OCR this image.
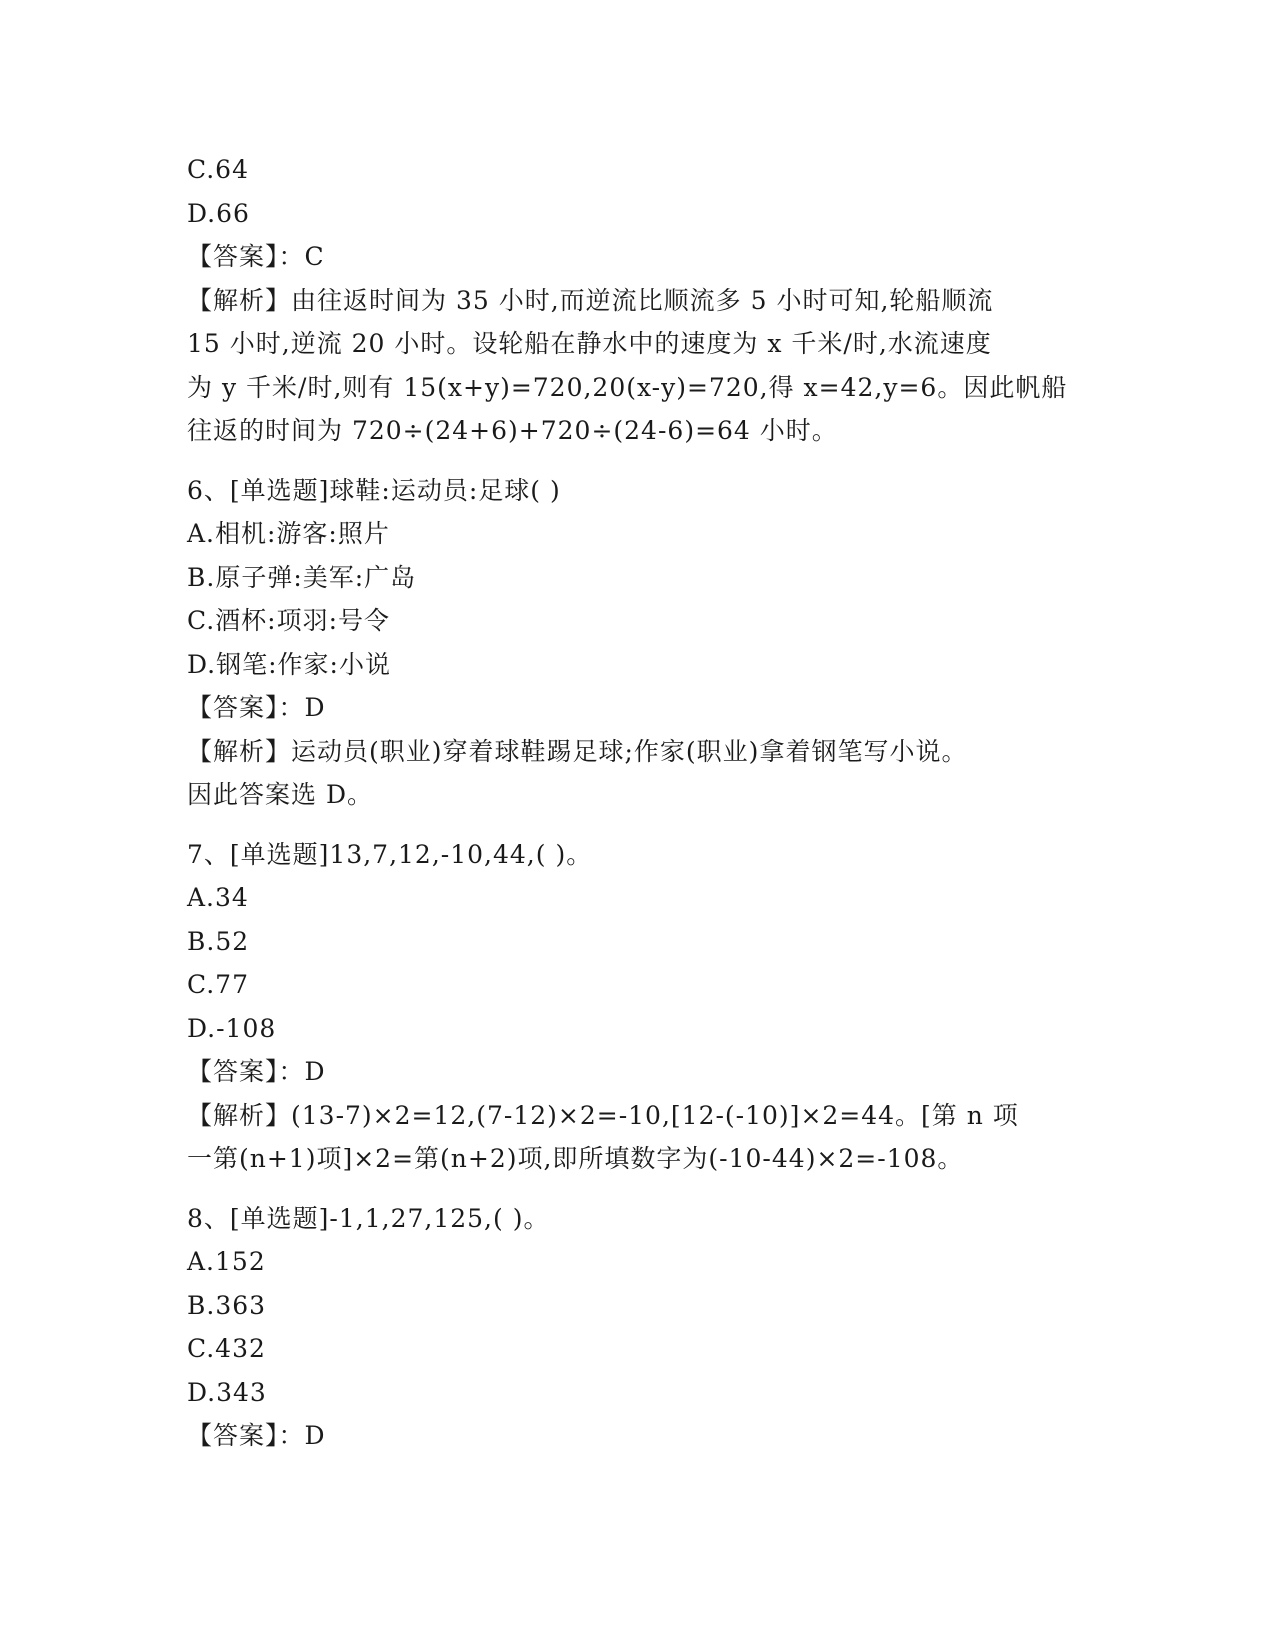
C.64
D.66
【答案】：C
【解析】由往返时间为 35 小时,而逆流比顺流多 5 小时可知,轮船顺流
15 小时,逆流 20 小时。设轮船在静水中的速度为 x 千米/时,水流速度
为 y 千米/时,则有 15(x+y)=720,20(x-y)=720,得 x=42,y=6。因此帆船
往返的时间为 720÷(24+6)+720÷(24-6)=64 小时。
6、[单选题]球鞋:运动员:足球( )
A.相机:游客:照片
B.原子弹:美军:广岛
C.酒杯:项羽:号令
D.钢笔:作家:小说
【答案】：D
【解析】运动员(职业)穿着球鞋踢足球;作家(职业)拿着钢笔写小说。
因此答案选 D。
7、[单选题]13,7,12,-10,44,( )。
A.34
B.52
C.77
D.-108
【答案】：D
【解析】(13-7)×2=12,(7-12)×2=-10,[12-(-10)]×2=44。[第 n 项
一第(n+1)项]×2=第(n+2)项,即所填数字为(-10-44)×2=-108。
8、[单选题]-1,1,27,125,( )。
A.152
B.363
C.432
D.343
【答案】：D
